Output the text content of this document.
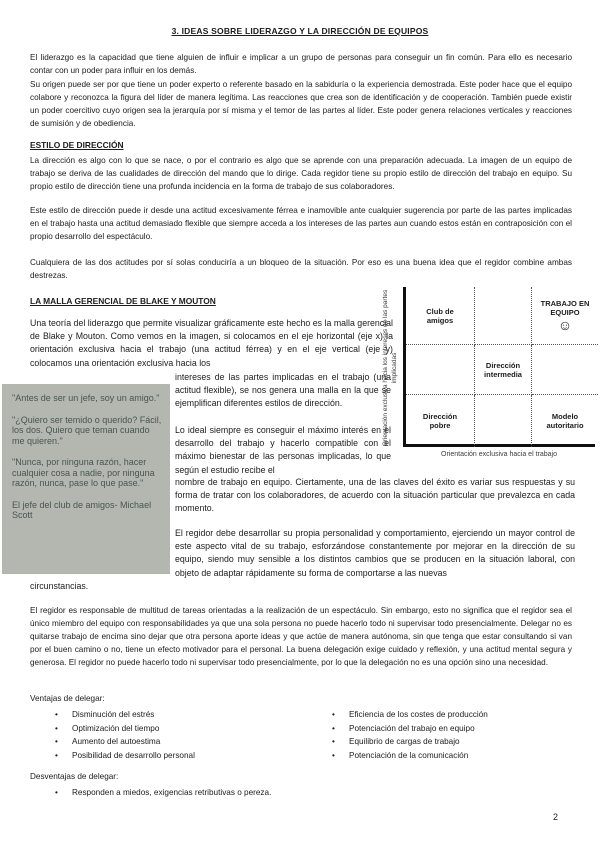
3. IDEAS SOBRE LIDERAZGO Y LA DIRECCIÓN DE EQUIPOS
El liderazgo es la capacidad que tiene alguien de influir e implicar a un grupo de personas para conseguir un fin común. Para ello es necesario contar con un poder para influir en los demás.
Su origen puede ser por que tiene un poder experto o referente basado en la sabiduría o la experiencia demostrada. Este poder hace que el equipo colabore y reconozca la figura del líder de manera legítima. Las reacciones que crea son de identificación y de cooperación. También puede existir un poder coercitivo cuyo origen sea la jerarquía por sí misma y el temor de las partes al líder. Este poder genera relaciones verticales y reacciones de sumisión y de obediencia.
ESTILO DE DIRECCIÓN
La dirección es algo con lo que se nace, o por el contrario es algo que se aprende con una preparación adecuada. La imagen de un equipo de trabajo se deriva de las cualidades de dirección del mando que lo dirige. Cada regidor tiene su propio estilo de dirección del trabajo en equipo. Su propio estilo de dirección tiene una profunda incidencia en la forma de trabajo de sus colaboradores.
Este estilo de dirección puede ir desde una actitud excesivamente férrea e inamovible ante cualquier sugerencia por parte de las partes implicadas en el trabajo hasta una actitud demasiado flexible que siempre acceda a los intereses de las partes aun cuando estos están en contraposición con el propio desarrollo del espectáculo.
Cualquiera de las dos actitudes por sí solas conduciría a un bloqueo de la situación. Por eso es una buena idea que el regidor combine ambas destrezas.
LA MALLA GERENCIAL DE BLAKE Y MOUTON	Orientación exclusiva hacia los intereses de las partes implicadas
Club de amigos
TRABAJO EN EQUIPO
☺
Dirección intermedia
Dirección pobre
Modelo autoritario
Orientación exclusiva hacia el trabajo
Una teoría del liderazgo que permite visualizar gráficamente este hecho es la malla gerencial de Blake y Mouton. Como vemos en la imagen, si colocamos en el eje horizontal (eje x) la orientación exclusiva hacia el trabajo (una actitud férrea) y en el eje vertical (eje y) colocamos una orientación exclusiva hacia los
intereses de las partes implicadas en el trabajo (una actitud flexible), se nos genera una malla en la que se ejemplifican diferentes estilos de dirección.
Lo ideal siempre es conseguir el máximo interés en el desarrollo del trabajo y hacerlo compatible con el máximo bienestar de las personas implicadas, lo que según el estudio recibe el
nombre de trabajo en equipo. Ciertamente, una de las claves del éxito es variar sus respuestas y su forma de tratar con los colaboradores, de acuerdo con la situación particular que prevalezca en cada momento.
El regidor debe desarrollar su propia personalidad y comportamiento, ejerciendo un mayor control de este aspecto vital de su trabajo, esforzándose constantemente por mejorar en la dirección de su equipo, siendo muy sensible a los distintos cambios que se producen en la situación laboral, con objeto de adaptar rápidamente su forma de comportarse a las nuevas
circunstancias.

"Antes de ser un jefe, soy un amigo."

"¿Quiero ser temido o querido? Fácil, los dos. Quiero que teman cuando me quieren."

"Nunca, por ninguna razón, hacer cualquier cosa a nadie, por ninguna razón, nunca, pase lo que pase."

El jefe del club de amigos- Michael Scott

El regidor es responsable de multitud de tareas orientadas a la realización de un espectáculo. Sin embargo, esto no significa que el regidor sea el único miembro del equipo con responsabilidades ya que una sola persona no puede hacerlo todo ni supervisar todo presencialmente. Delegar no es quitarse trabajo de encima sino dejar que otra persona aporte ideas y que actúe de manera autónoma, sin que tenga que estar consultando si van por el buen camino o no, tiene un efecto motivador para el personal. La buena delegación exige cuidado y reflexión, y una actitud mental segura y generosa. El regidor no puede hacerlo todo ni supervisar todo presencialmente, por lo que la delegación no es una opción sino una necesidad.
Ventajas de delegar:
•	Disminución del estrés
•	Optimización del tiempo
•	Aumento del autoestima
•	Posibilidad de desarrollo personal
•	Eficiencia de los costes de producción
•	Potenciación del trabajo en equipo
•	Equilibrio de cargas de trabajo
•	Potenciación de la comunicación
Desventajas de delegar:
•	Responden a miedos, exigencias retributivas o pereza.
2
